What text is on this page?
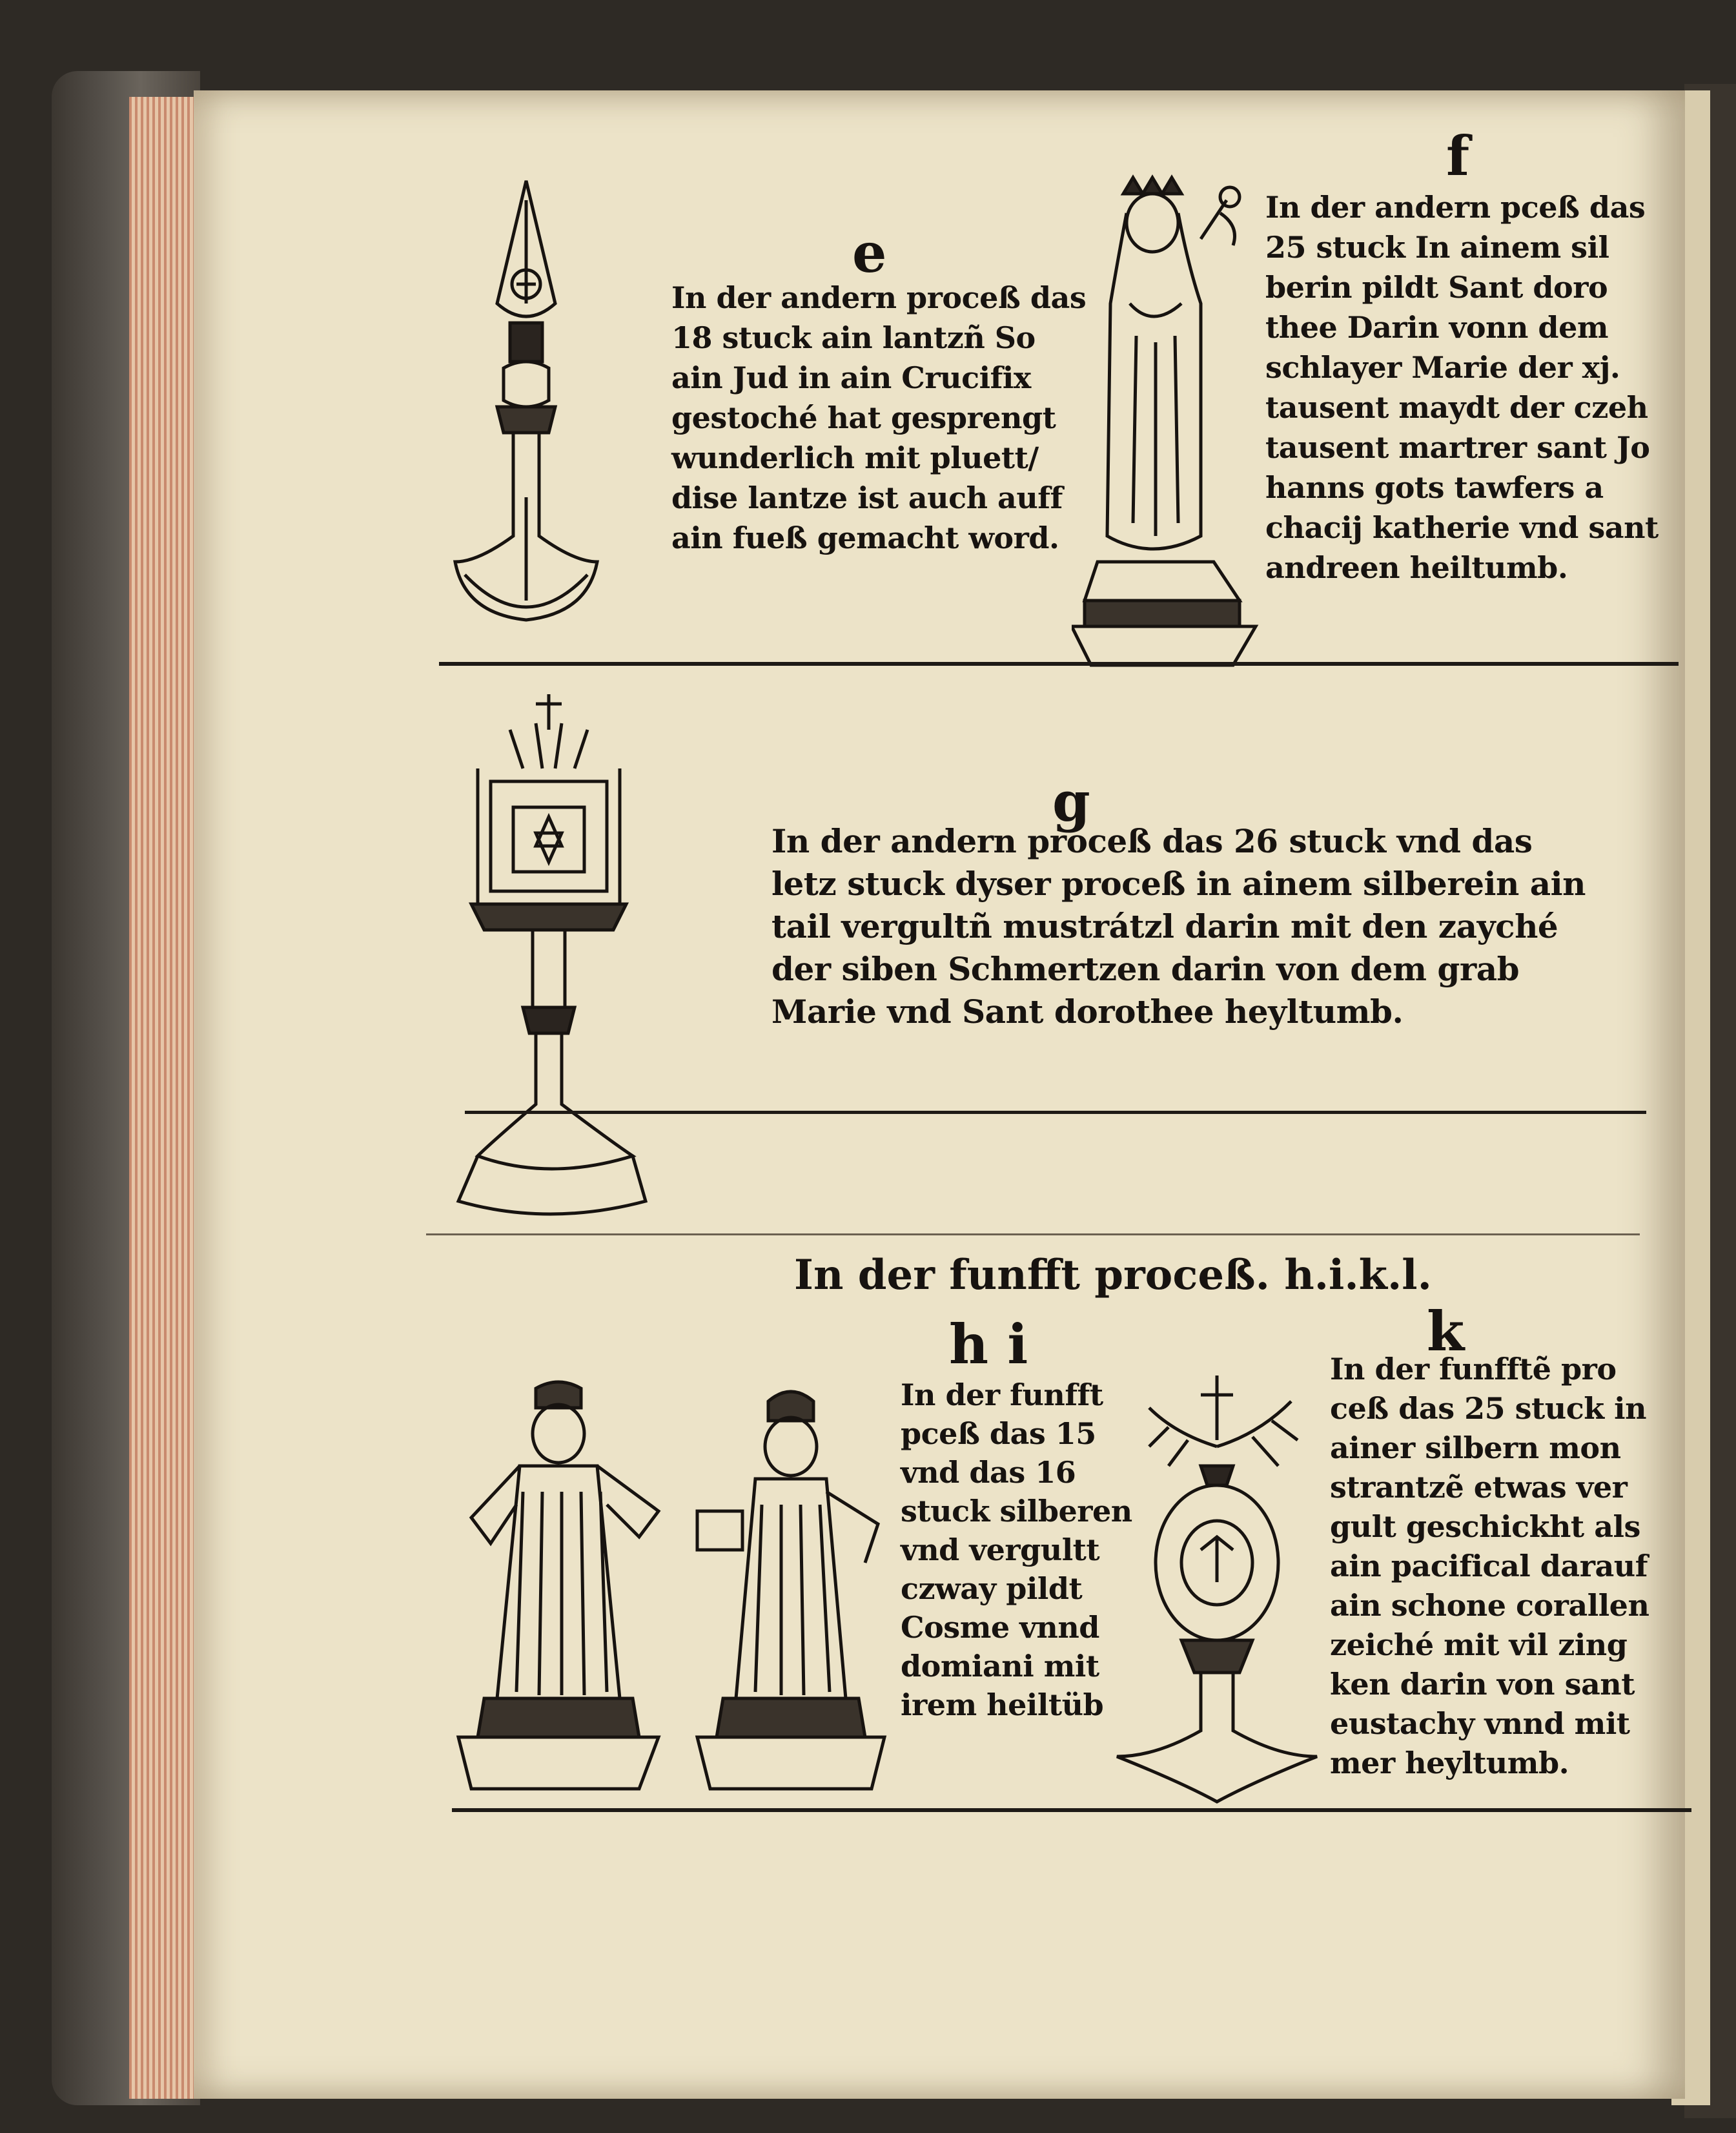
e
In der andern proceß das
18 stuck ain lantzñ So
ain Jud in ain Crucifix
gestoché hat gesprengt
wunderlich mit pluett/
dise lantze ist auch auff
ain fueß gemacht word.
f
In der andern pceß das
25 stuck In ainem sil
berin pildt Sant doro
thee Darin vonn dem
schlayer Marie der xj.
tausent maydt der czeh
tausent martrer sant Jo
hanns gots tawfers a
chacij katherie vnd sant
andreen heiltumb.
g
In der andern proceß das 26 stuck vnd das
letz stuck dyser proceß in ainem silberein ain
tail vergultñ mustrátzl darin mit den zayché
der siben Schmertzen darin von dem grab
Marie vnd Sant dorothee heyltumb.
In der funfft proceß. h.i.k.l.
h i	k
In der funfft
pceß das 15
vnd das 16
stuck silberen
vnd vergultt
czway pildt
Cosme vnnd
domiani mit
irem heiltüb
In der funfftẽ pro
ceß das 25 stuck in
ainer silbern mon
strantzẽ etwas ver
gult geschickht als
ain pacifical darauf
ain schone corallen
zeiché mit vil zing
ken darin von sant
eustachy vnnd mit
mer heyltumb.
